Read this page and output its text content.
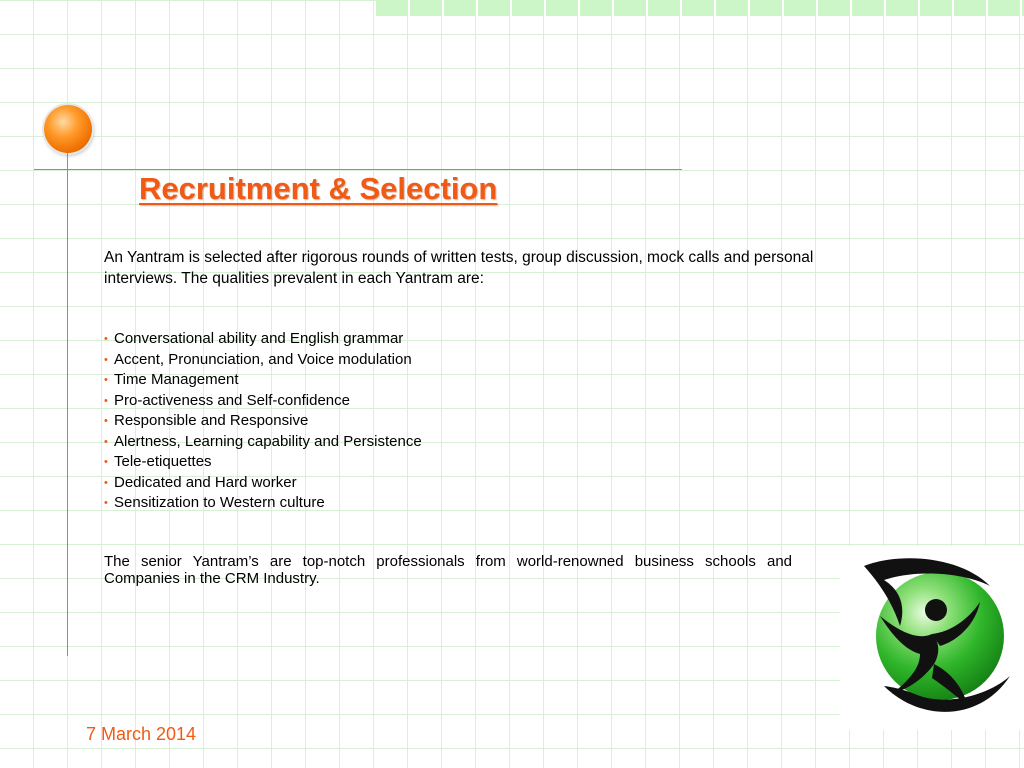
Recruitment & Selection

An Yantram is selected after rigorous rounds of written tests, group discussion, mock calls and personal interviews. The qualities prevalent in each Yantram are:

• Conversational ability and English grammar
• Accent, Pronunciation, and Voice modulation
• Time Management
• Pro-activeness and Self-confidence
• Responsible and Responsive
• Alertness, Learning capability and Persistence
• Tele-etiquettes
• Dedicated and Hard worker
• Sensitization to Western culture

The senior Yantram’s are top-notch professionals from world-renowned business schools and Companies in the CRM Industry.

7 March 2014
